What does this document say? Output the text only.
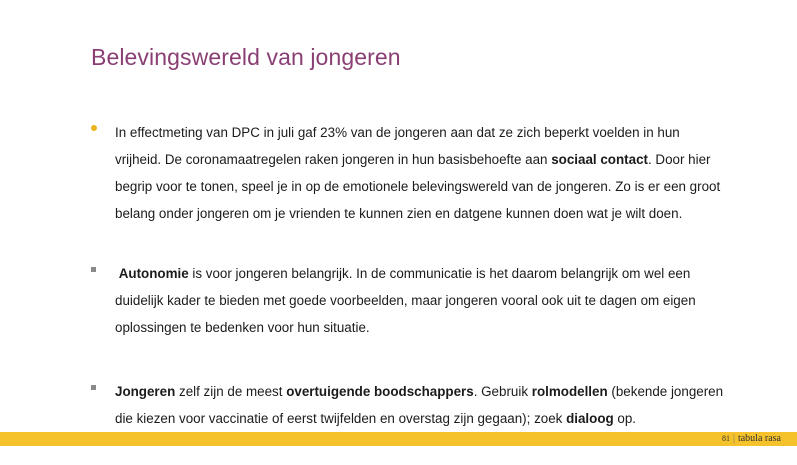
Belevingswereld van jongeren
In effectmeting van DPC in juli gaf 23% van de jongeren aan dat ze zich beperkt voelden in hun
vrijheid. De coronamaatregelen raken jongeren in hun basisbehoefte aan sociaal contact. Door hier
begrip voor te tonen, speel je in op de emotionele belevingswereld van de jongeren. Zo is er een groot
belang onder jongeren om je vrienden te kunnen zien en datgene kunnen doen wat je wilt doen.
Autonomie is voor jongeren belangrijk. In de communicatie is het daarom belangrijk om wel een
duidelijk kader te bieden met goede voorbeelden, maar jongeren vooral ook uit te dagen om eigen
oplossingen te bedenken voor hun situatie.
Jongeren zelf zijn de meest overtuigende boodschappers. Gebruik rolmodellen (bekende jongeren
die kiezen voor vaccinatie of eerst twijfelden en overstag zijn gegaan); zoek dialoog op.
81 | tabula rasa
